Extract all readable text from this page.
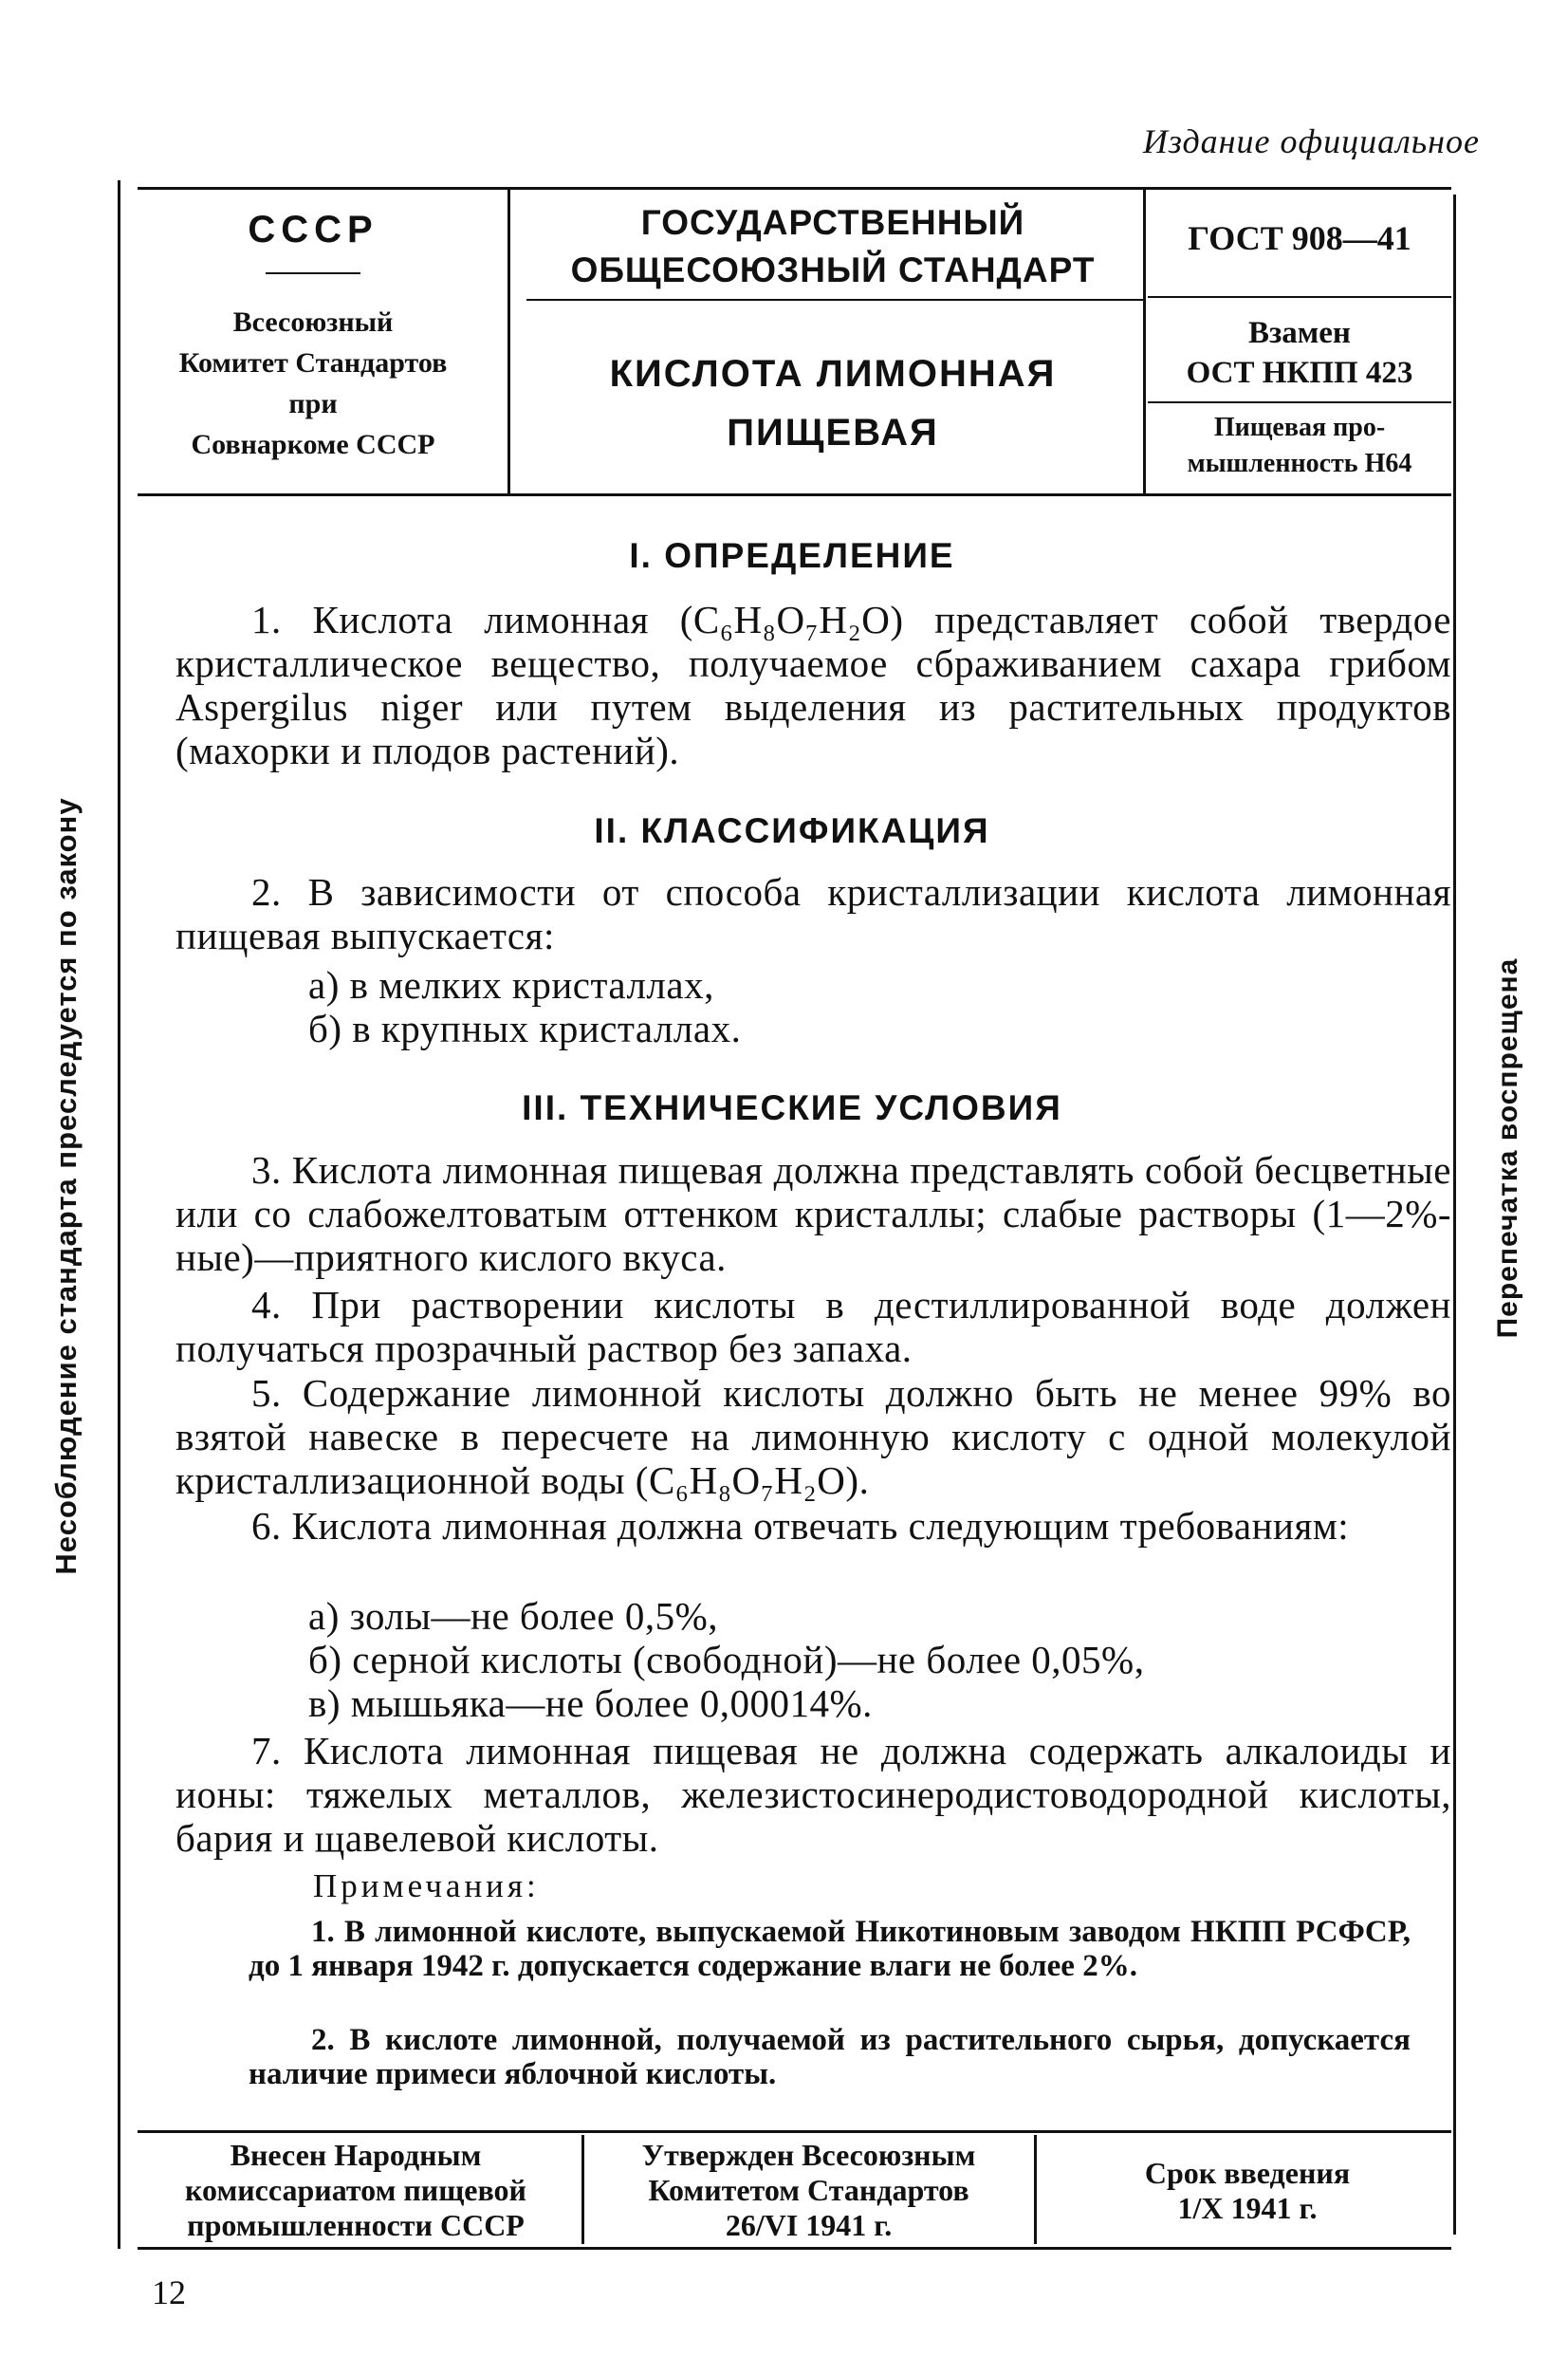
Издание официальное
Несоблюдение стандарта преследуется по закону	Перепечатка воспрещена
СССР
Всесоюзный
Комитет Стандартов
при
Совнаркоме СССР
ГОСУДАРСТВЕННЫЙ
ОБЩЕСОЮЗНЫЙ СТАНДАРТ
КИСЛОТА ЛИМОННАЯ
ПИЩЕВАЯ
ГОСТ 908—41
Взамен
ОСТ НКПП 423
Пищевая про-
мышленность Н64
I. ОПРЕДЕЛЕНИЕ

1. Кислота лимонная (C₆H₈O₇H₂O) представляет собой твердое кристаллическое вещество, получаемое сбраживанием сахара грибом Aspergilus niger или путем выделения из растительных продуктов (махорки и плодов растений).

II. КЛАССИФИКАЦИЯ

2. В зависимости от способа кристаллизации кислота лимонная пищевая выпускается:

а) в мелких кристаллах,
б) в крупных кристаллах.
III. ТЕХНИЧЕСКИЕ УСЛОВИЯ

3. Кислота лимонная пищевая должна представлять собой бесцветные или со слабожелтоватым оттенком кристаллы; слабые растворы (1—2%-ные)—приятного кислого вкуса.

4. При растворении кислоты в дестиллированной воде должен получаться прозрачный раствор без запаха.

5. Содержание лимонной кислоты должно быть не менее 99% во взятой навеске в пересчете на лимонную кислоту с одной молекулой кристаллизационной воды (C₆H₈O₇H₂O).

6. Кислота лимонная должна отвечать следующим требованиям:

а) золы—не более 0,5%,
б) серной кислоты (свободной)—не более 0,05%,
в) мышьяка—не более 0,00014%.

7. Кислота лимонная пищевая не должна содержать алкалоиды и ионы: тяжелых металлов, железистосинеродистоводородной кислоты, бария и щавелевой кислоты.

Примечания:
1. В лимонной кислоте, выпускаемой Никотиновым заводом НКПП РСФСР, до 1 января 1942 г. допускается содержание влаги не более 2%.
2. В кислоте лимонной, получаемой из растительного сырья, допускается наличие примеси яблочной кислоты.
Внесен Народным
комиссариатом пищевой
промышленности СССР
Утвержден Всесоюзным
Комитетом Стандартов
26/VI 1941 г.
Срок введения
1/X 1941 г.
12
